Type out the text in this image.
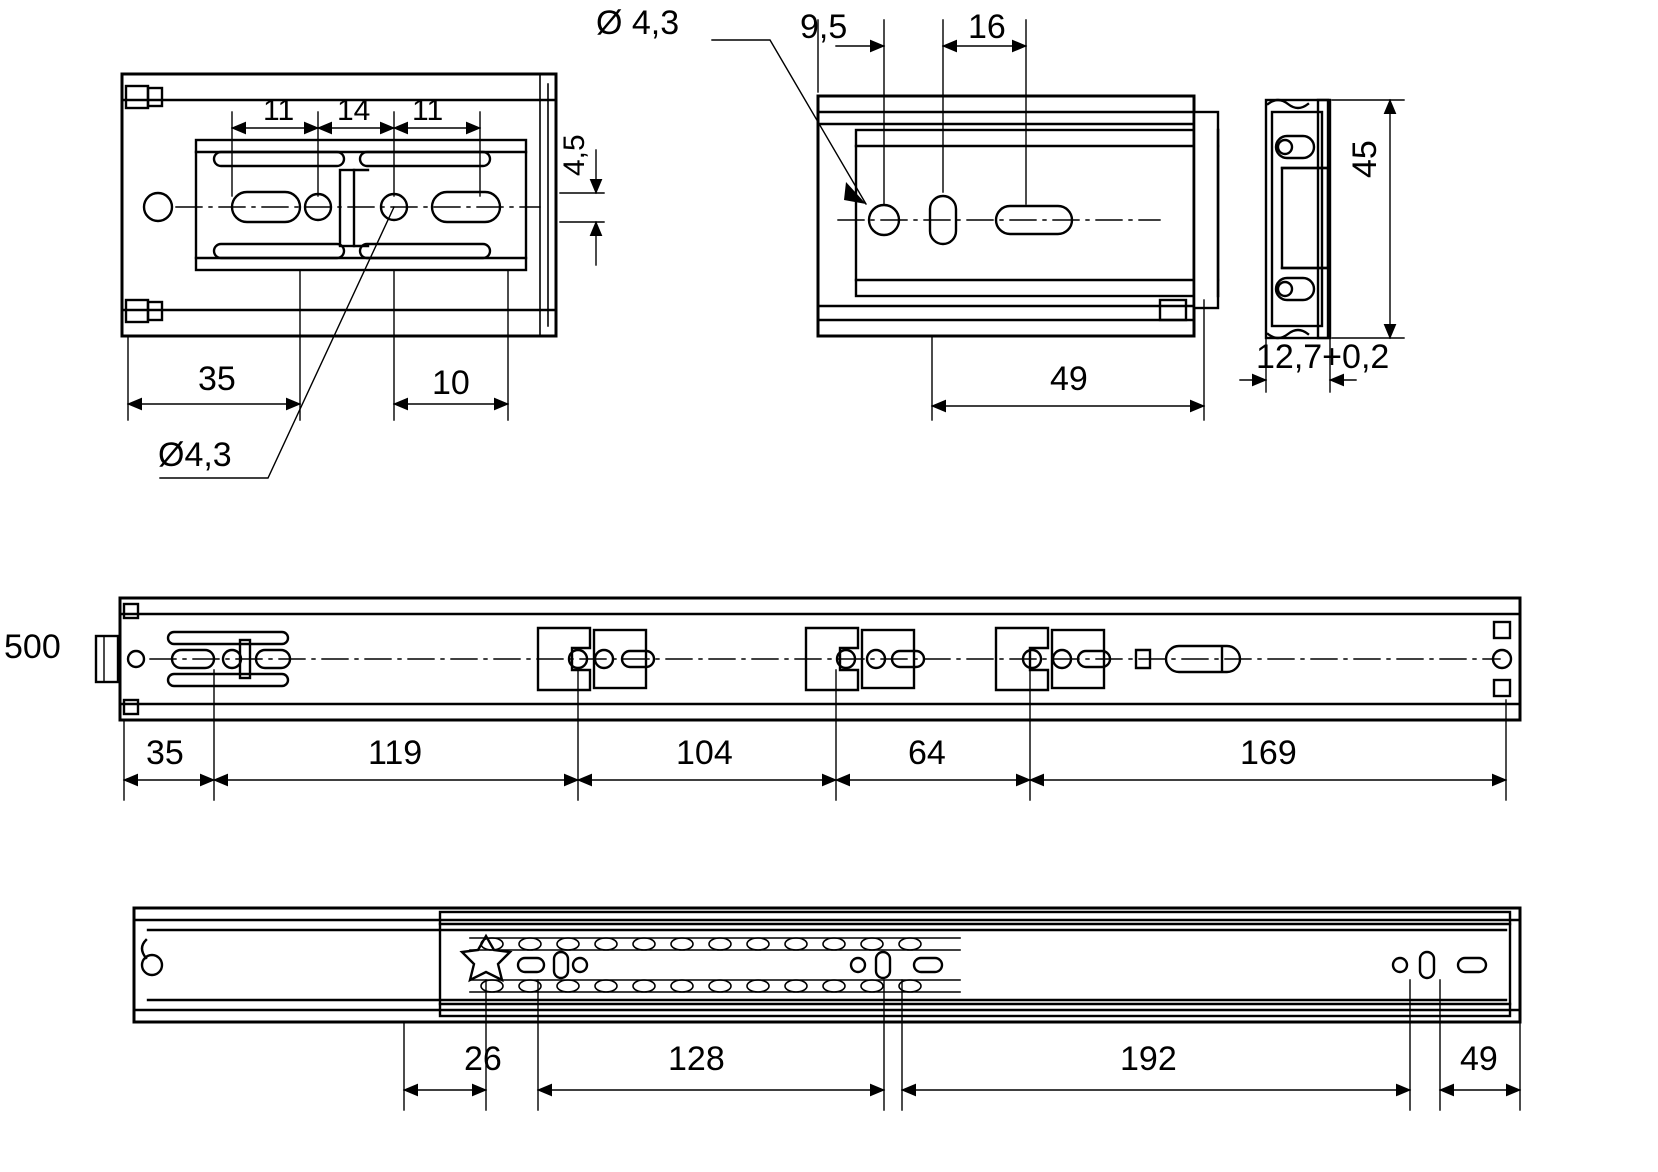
11 14 11
4,5
35	10
Ø4,3
Ø 4,3	9,5	16
49
45
12,7+0,2
500
35	119	104	64	169
26	128	192	49
